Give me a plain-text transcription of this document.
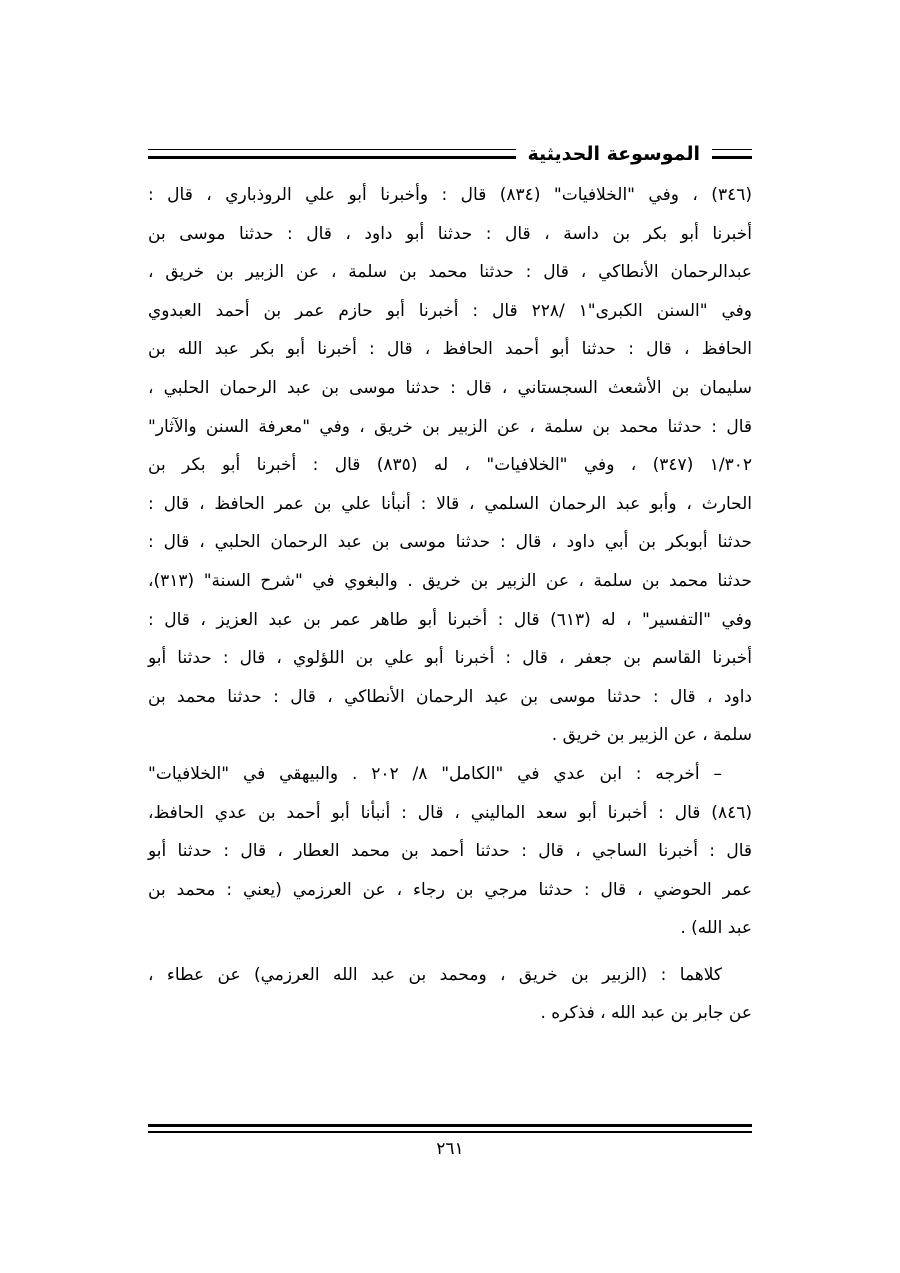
الموسوعة الحديثية
(٣٤٦) ، وفي "الخلافيات" (٨٣٤) قال : وأخبرنا أبو علي الروذباري ، قال :
أخبرنا أبو بكر بن داسة ، قال : حدثنا أبو داود ، قال : حدثنا موسى بن
عبدالرحمان الأنطاكي ، قال : حدثنا محمد بن سلمة ، عن الزبير بن خريق ،
وفي "السنن الكبرى"١ /٢٢٨ قال : أخبرنا أبو حازم عمر بن أحمد العبدوي
الحافظ ، قال : حدثنا أبو أحمد الحافظ ، قال : أخبرنا أبو بكر عبد الله بن
سليمان بن الأشعث السجستاني ، قال : حدثنا موسى بن عبد الرحمان الحلبي ،
قال : حدثنا محمد بن سلمة ، عن الزبير بن خريق ، وفي "معرفة السنن والآثار"
١/٣٠٢ (٣٤٧) ، وفي "الخلافيات" ، له (٨٣٥) قال : أخبرنا أبو بكر بن
الحارث ، وأبو عبد الرحمان السلمي ، قالا : أنبأنا علي بن عمر الحافظ ، قال :
حدثنا أبوبكر بن أبي داود ، قال : حدثنا موسى بن عبد الرحمان الحلبي ، قال :
حدثنا محمد بن سلمة ، عن الزبير بن خريق . والبغوي في "شرح السنة" (٣١٣)،
وفي "التفسير" ، له (٦١٣) قال : أخبرنا أبو طاهر عمر بن عبد العزيز ، قال :
أخبرنا القاسم بن جعفر ، قال : أخبرنا أبو علي بن اللؤلوي ، قال : حدثنا أبو
داود ، قال : حدثنا موسى بن عبد الرحمان الأنطاكي ، قال : حدثنا محمد بن
سلمة ، عن الزبير بن خريق .
– أخرجه : ابن عدي في "الكامل" ٨/ ٢٠٢ . والبيهقي في "الخلافيات"
(٨٤٦) قال : أخبرنا أبو سعد الماليني ، قال : أنبأنا أبو أحمد بن عدي الحافظ،
قال : أخبرنا الساجي ، قال : حدثنا أحمد بن محمد العطار ، قال : حدثنا أبو
عمر الحوضي ، قال : حدثنا مرجي بن رجاء ، عن العرزمي (يعني : محمد بن
عبد الله) .
كلاهما : (الزبير بن خريق ، ومحمد بن عبد الله العرزمي) عن عطاء ،
عن جابر بن عبد الله ، فذكره .
٢٦١
